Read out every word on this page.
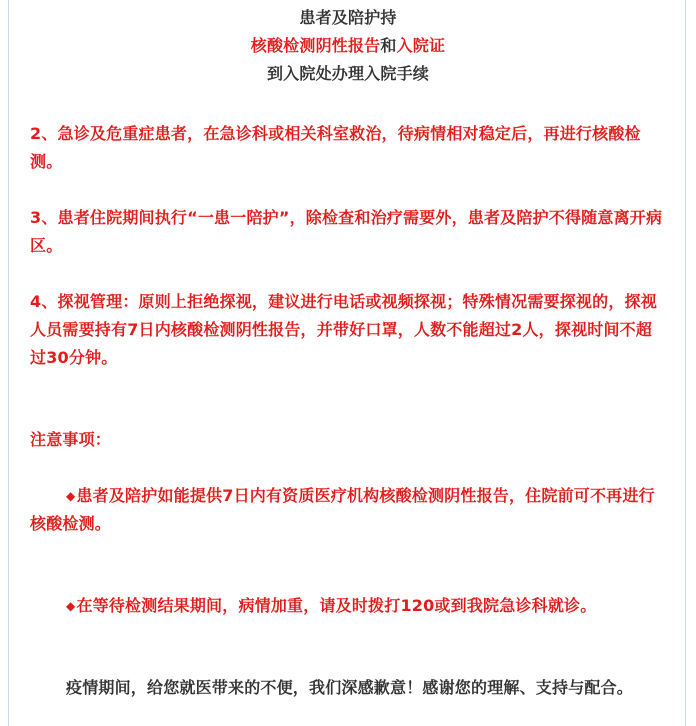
患者及陪护持

核酸检测阴性报告和入院证

到入院处办理入院手续

2、急诊及危重症患者，在急诊科或相关科室救治，待病情相对稳定后，再进行核酸检测。

3、患者住院期间执行“一患一陪护”，除检查和治疗需要外，患者及陪护不得随意离开病区。

4、探视管理：原则上拒绝探视，建议进行电话或视频探视；特殊情况需要探视的，探视人员需要持有7日内核酸检测阴性报告，并带好口罩，人数不能超过2人，探视时间不超过30分钟。

注意事项：

◆患者及陪护如能提供7日内有资质医疗机构核酸检测阴性报告，住院前可不再进行核酸检测。

◆在等待检测结果期间，病情加重，请及时拨打120或到我院急诊科就诊。

疫情期间，给您就医带来的不便，我们深感歉意！感谢您的理解、支持与配合。
